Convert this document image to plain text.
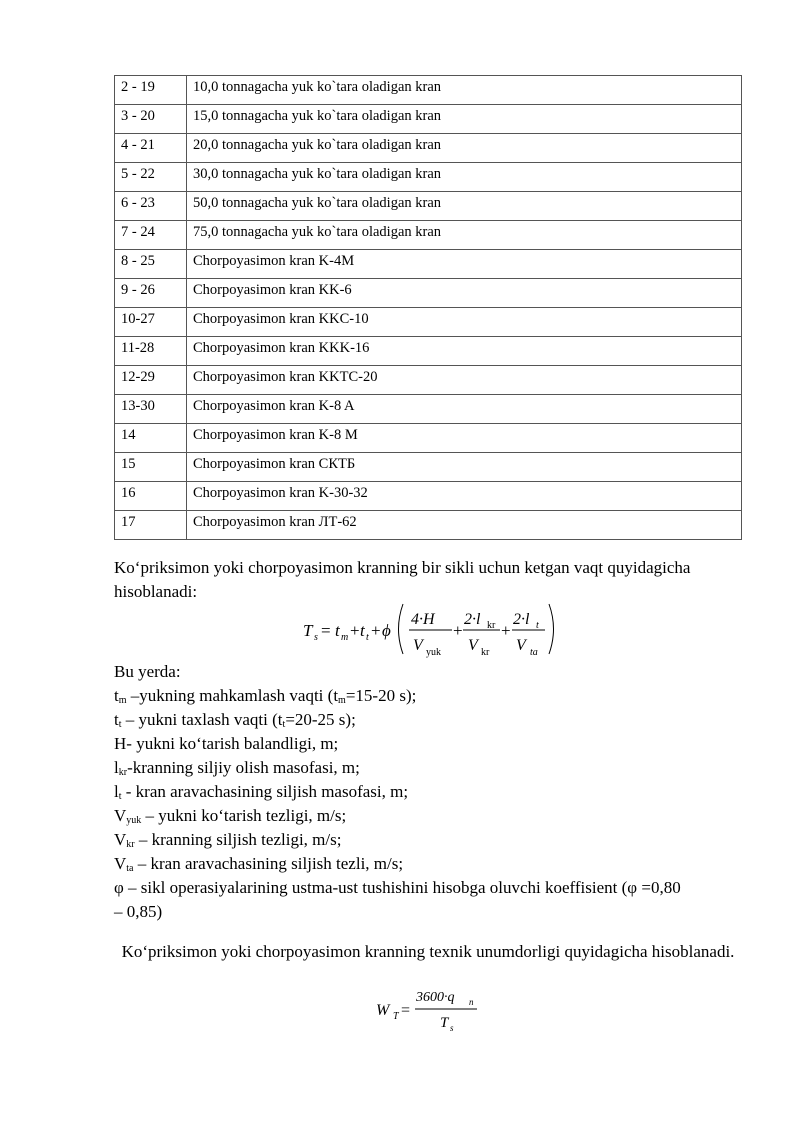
2 - 19	10,0 tonnagacha yuk ko`tara oladigan kran
3 - 20	15,0 tonnagacha yuk ko`tara oladigan kran
4 - 21	20,0 tonnagacha yuk ko`tara oladigan kran
5 - 22	30,0 tonnagacha yuk ko`tara oladigan kran
6 - 23	50,0 tonnagacha yuk ko`tara oladigan kran
7 - 24	75,0 tonnagacha yuk ko`tara oladigan kran
8 - 25	Chorpoyasimon kran K-4M
9 - 26	Chorpoyasimon kran KK-6
10-27	Chorpoyasimon kran KKC-10
11-28	Chorpoyasimon kran KKK-16
12-29	Chorpoyasimon kran KKTC-20
13-30	Chorpoyasimon kran K-8 A
14	Chorpoyasimon kran K-8 M
15	Chorpoyasimon kran СКТБ
16	Chorpoyasimon kran K-30-32
17	Chorpoyasimon kran ЛТ-62
Ko‘priksimon yoki chorpoyasimon kranning bir sikli uchun ketgan vaqt quyidagicha hisoblanadi:
T s = t m + t t + ϕ
4·H
V yuk
+
2·l kr
V kr
+
2·l t
V ta
Bu yerda:
$t_m$ –yukning mahkamlash vaqti ($t_m=15-20$ s);
$t_t$ – yukni taxlash vaqti ($t_t=20-25$ s);
H- yukni ko‘tarish balandligi, m;
$l_{kr}$-kranning siljiy olish masofasi, m;
$l_t$ - kran aravachasining siljish masofasi, m;
$V_{yuk}$ – yukni ko‘tarish tezligi, m/s;
$V_{kr}$ – kranning siljish tezligi, m/s;
$V_{ta}$ – kran aravachasining siljish tezli, m/s;
φ – sikl operasiyalarining ustma-ust tushishini hisobga oluvchi koeffisient (φ =0,80
– 0,85)
Ko‘priksimon yoki chorpoyasimon kranning texnik unumdorligi quyidagicha hisoblanadi.
W T =
3600·q n
T s
